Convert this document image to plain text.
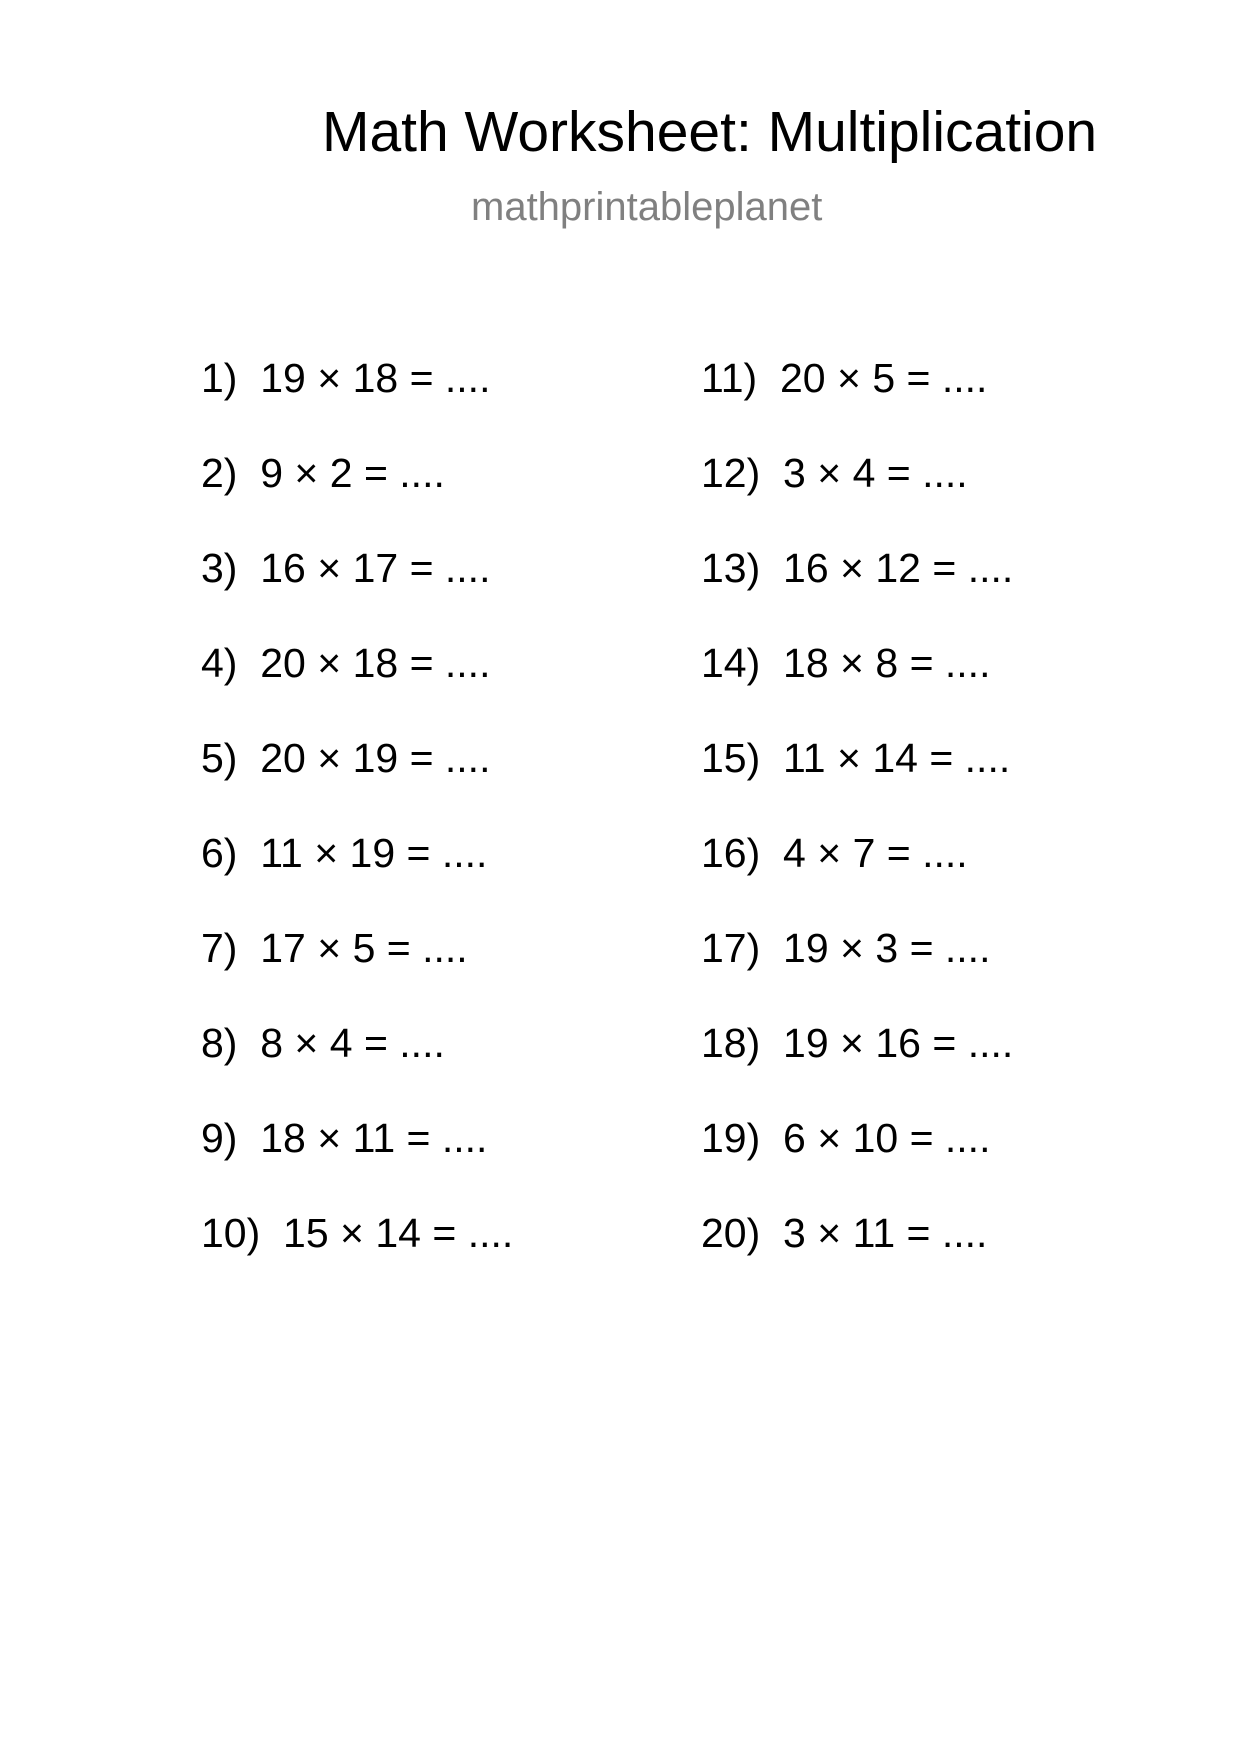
Math Worksheet: Multiplication
mathprintableplanet
1)  19 × 18 = ....
2)  9 × 2 = ....
3)  16 × 17 = ....
4)  20 × 18 = ....
5)  20 × 19 = ....
6)  11 × 19 = ....
7)  17 × 5 = ....
8)  8 × 4 = ....
9)  18 × 11 = ....
10)  15 × 14 = ....
11)  20 × 5 = ....
12)  3 × 4 = ....
13)  16 × 12 = ....
14)  18 × 8 = ....
15)  11 × 14 = ....
16)  4 × 7 = ....
17)  19 × 3 = ....
18)  19 × 16 = ....
19)  6 × 10 = ....
20)  3 × 11 = ....
